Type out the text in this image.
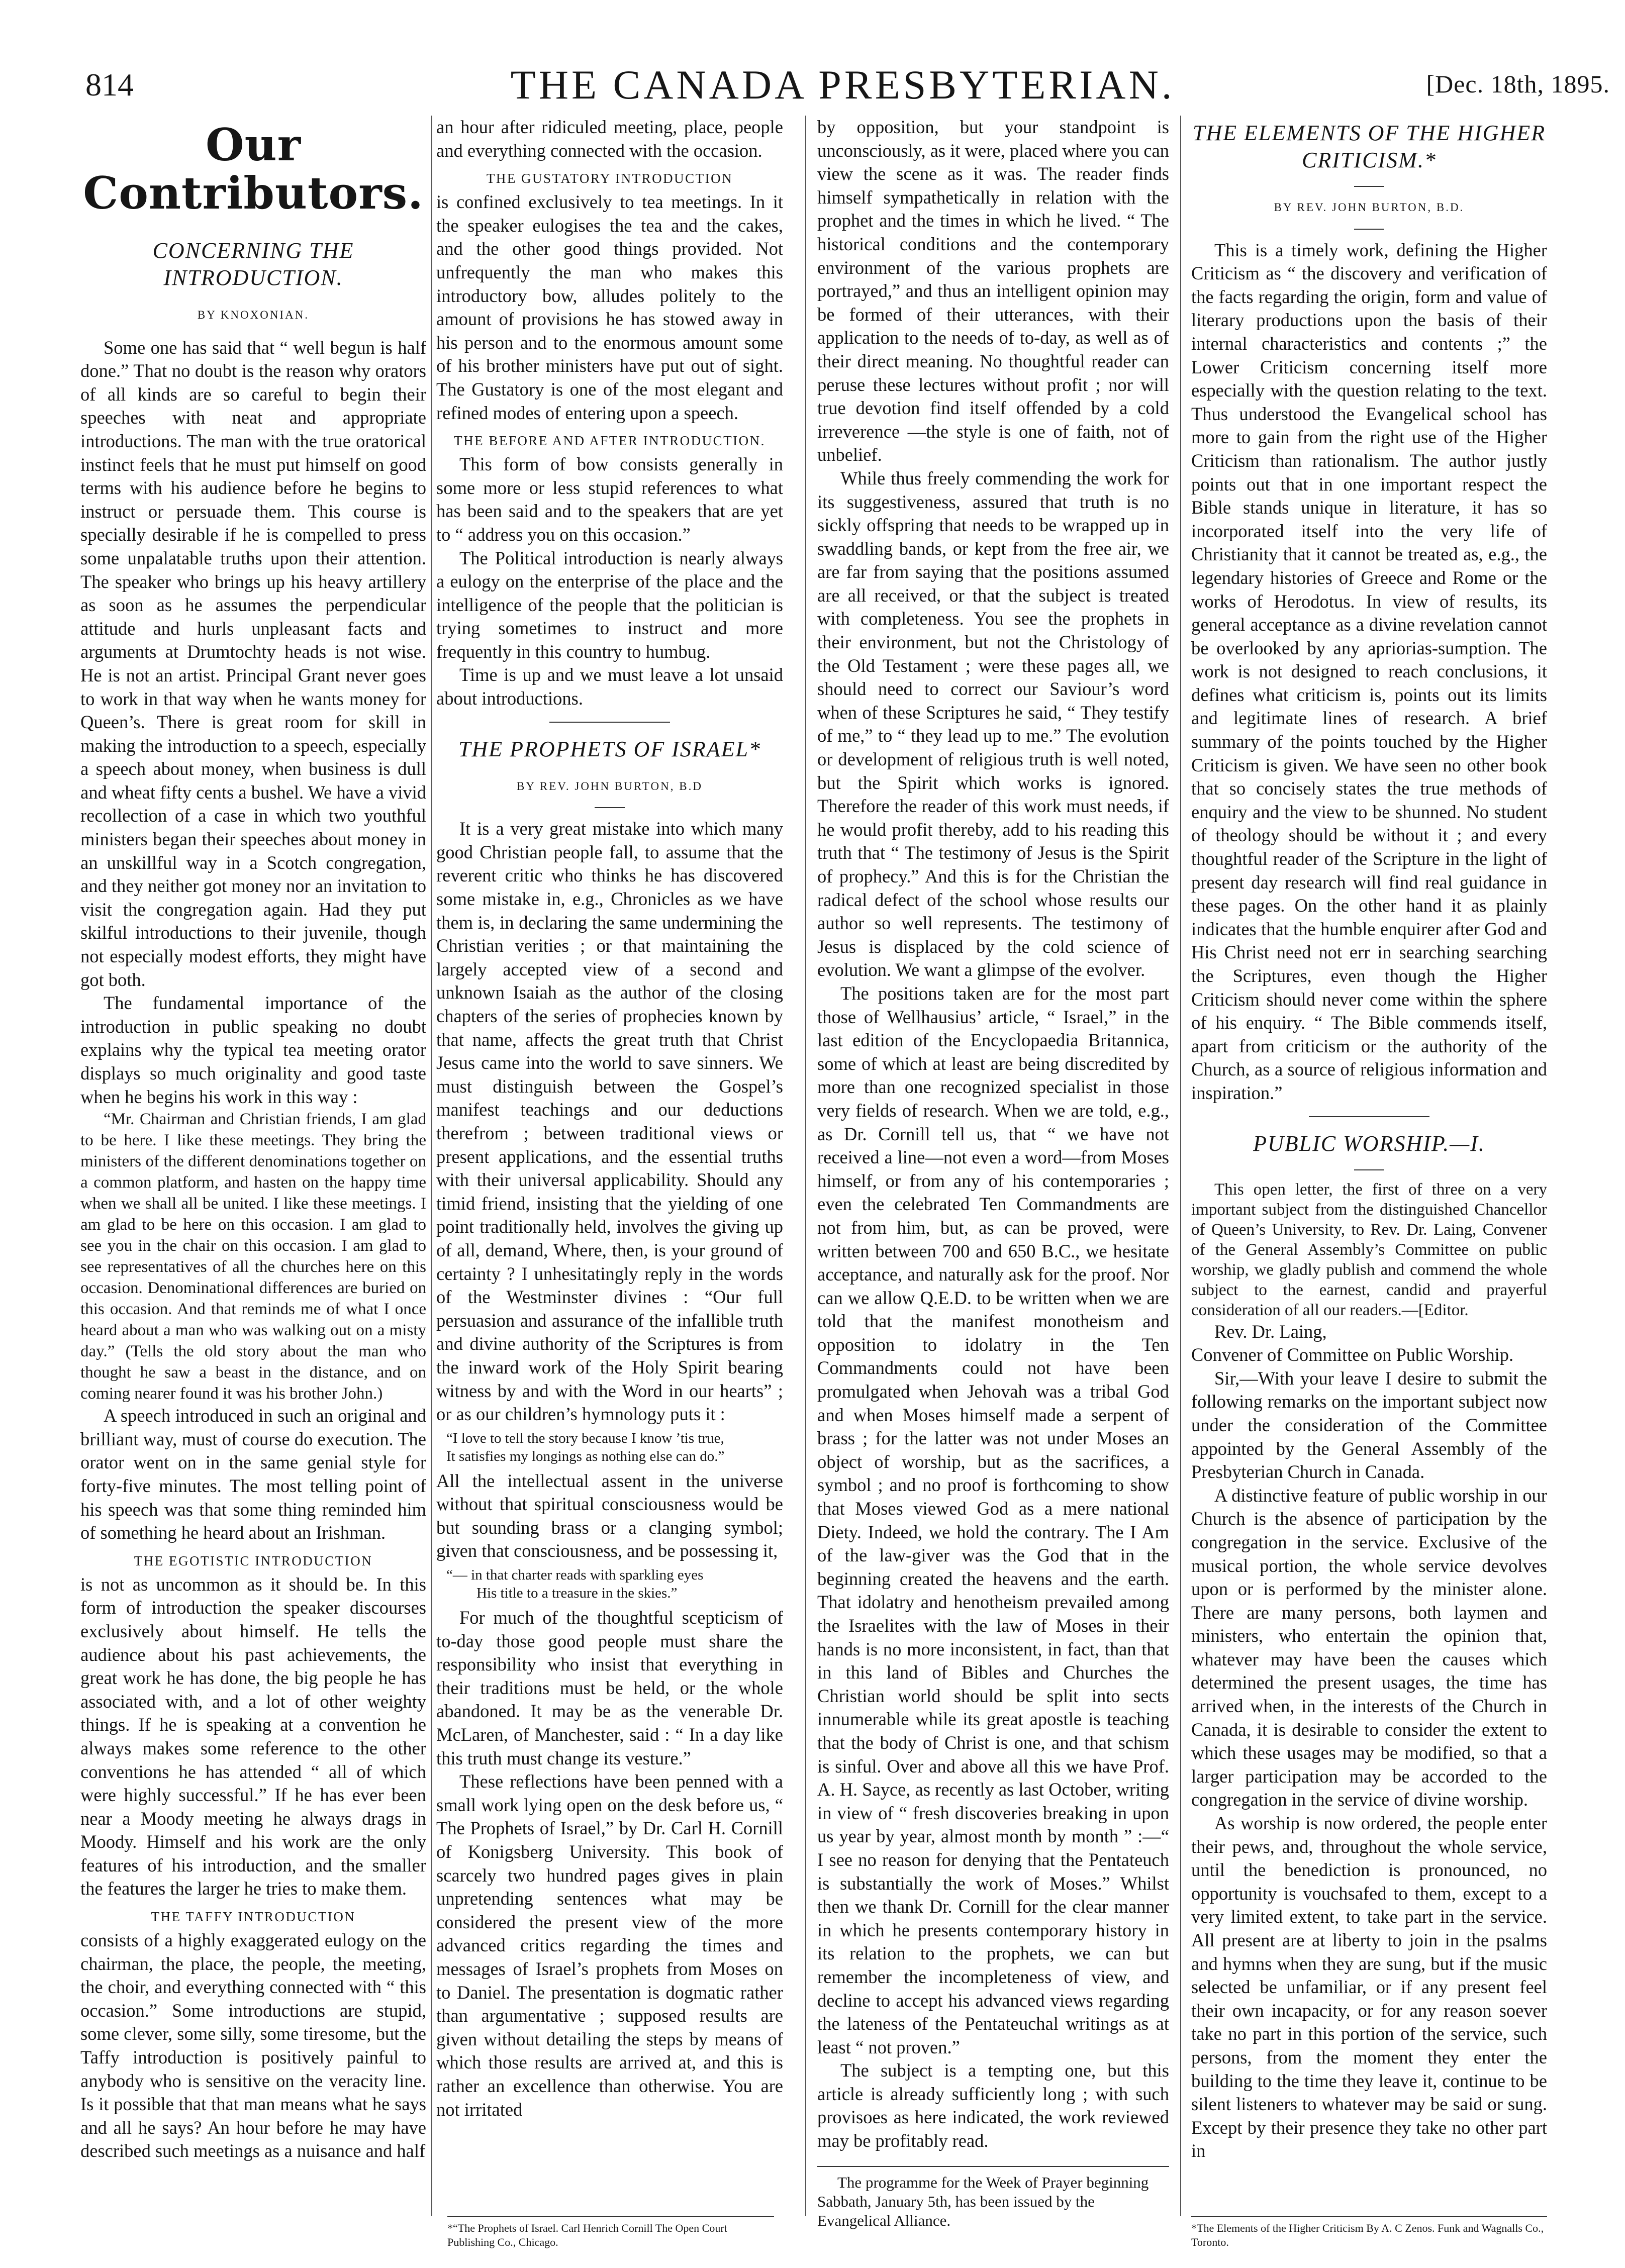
814	THE CANADA PRESBYTERIAN.	[Dec. 18th, 1895.
Our Contributors.
CONCERNING THE INTRODUCTION.
BY KNOXONIAN.

Some one has said that “ well begun is half done.” That no doubt is the reason why orators of all kinds are so careful to begin their speeches with neat and appropriate introductions. The man with the true oratorical instinct feels that he must put himself on good terms with his audience before he begins to instruct or persuade them. This course is specially desirable if he is compelled to press some unpalatable truths upon their attention. The speaker who brings up his heavy artillery as soon as he assumes the perpendicular attitude and hurls unpleasant facts and arguments at Drumtochty heads is not wise. He is not an artist. Principal Grant never goes to work in that way when he wants money for Queen’s. There is great room for skill in making the introduction to a speech, especially a speech about money, when business is dull and wheat fifty cents a bushel. We have a vivid recollection of a case in which two youthful ministers began their speeches about money in an unskillful way in a Scotch congregation, and they neither got money nor an invitation to visit the congregation again. Had they put skilful introductions to their juvenile, though not especially modest efforts, they might have got both.

The fundamental importance of the introduction in public speaking no doubt explains why the typical tea meeting orator displays so much originality and good taste when he begins his work in this way :

“Mr. Chairman and Christian friends, I am glad to be here. I like these meetings. They bring the ministers of the different denominations together on a common platform, and hasten on the happy time when we shall all be united. I like these meetings. I am glad to be here on this occasion. I am glad to see you in the chair on this occasion. I am glad to see representatives of all the churches here on this occasion. Denominational differences are buried on this occasion. And that reminds me of what I once heard about a man who was walking out on a misty day.” (Tells the old story about the man who thought he saw a beast in the distance, and on coming nearer found it was his brother John.)

A speech introduced in such an original and brilliant way, must of course do execution. The orator went on in the same genial style for forty-five minutes. The most telling point of his speech was that some thing reminded him of something he heard about an Irishman.

THE EGOTISTIC INTRODUCTION

is not as uncommon as it should be. In this form of introduction the speaker discourses exclusively about himself. He tells the audience about his past achievements, the great work he has done, the big people he has associated with, and a lot of other weighty things. If he is speaking at a convention he always makes some reference to the other conventions he has attended “ all of which were highly successful.” If he has ever been near a Moody meeting he always drags in Moody. Himself and his work are the only features of his introduction, and the smaller the features the larger he tries to make them.

THE TAFFY INTRODUCTION

consists of a highly exaggerated eulogy on the chairman, the place, the people, the meeting, the choir, and everything connected with “ this occasion.” Some introductions are stupid, some clever, some silly, some tiresome, but the Taffy introduction is positively painful to anybody who is sensitive on the veracity line. Is it possible that that man means what he says and all he says? An hour before he may have described such meetings as a nuisance and half

an hour after ridiculed meeting, place, people and everything connected with the occasion.

THE GUSTATORY INTRODUCTION

is confined exclusively to tea meetings. In it the speaker eulogises the tea and the cakes, and the other good things provided. Not unfrequently the man who makes this introductory bow, alludes politely to the amount of provisions he has stowed away in his person and to the enormous amount some of his brother ministers have put out of sight. The Gustatory is one of the most elegant and refined modes of entering upon a speech.

THE BEFORE AND AFTER INTRODUCTION.

This form of bow consists generally in some more or less stupid references to what has been said and to the speakers that are yet to “ address you on this occasion.”

The Political introduction is nearly always a eulogy on the enterprise of the place and the intelligence of the people that the politician is trying sometimes to instruct and more frequently in this country to humbug.

Time is up and we must leave a lot unsaid about introductions.

THE PROPHETS OF ISRAEL*
BY REV. JOHN BURTON, B.D

It is a very great mistake into which many good Christian people fall, to assume that the reverent critic who thinks he has discovered some mistake in, e.g., Chronicles as we have them is, in declaring the same undermining the Christian verities ; or that maintaining the largely accepted view of a second and unknown Isaiah as the author of the closing chapters of the series of prophecies known by that name, affects the great truth that Christ Jesus came into the world to save sinners. We must distinguish between the Gospel’s manifest teachings and our deductions therefrom ; between traditional views or present applications, and the essential truths with their universal applicability. Should any timid friend, insisting that the yielding of one point traditionally held, involves the giving up of all, demand, Where, then, is your ground of certainty ? I unhesitatingly reply in the words of the Westminster divines : “Our full persuasion and assurance of the infallible truth and divine authority of the Scriptures is from the inward work of the Holy Spirit bearing witness by and with the Word in our hearts” ; or as our children’s hymnology puts it :

“I love to tell the story because I know ’tis true,
It satisfies my longings as nothing else can do.”

All the intellectual assent in the universe without that spiritual consciousness would be but sounding brass or a clanging symbol; given that consciousness, and be possessing it,

“— in that charter reads with sparkling eyes
His title to a treasure in the skies.”

For much of the thoughtful scepticism of to-day those good people must share the responsibility who insist that everything in their traditions must be held, or the whole abandoned. It may be as the venerable Dr. McLaren, of Manchester, said : “ In a day like this truth must change its vesture.”

These reflections have been penned with a small work lying open on the desk before us, “ The Prophets of Israel,” by Dr. Carl H. Cornill of Konigsberg University. This book of scarcely two hundred pages gives in plain unpretending sentences what may be considered the present view of the more advanced critics regarding the times and messages of Israel’s prophets from Moses on to Daniel. The presentation is dogmatic rather than argumentative ; supposed results are given without detailing the steps by means of which those results are arrived at, and this is rather an excellence than otherwise. You are not irritated

*“The Prophets of Israel. Carl Henrich Cornill The Open Court Publishing Co., Chicago.

by opposition, but your standpoint is unconsciously, as it were, placed where you can view the scene as it was. The reader finds himself sympathetically in relation with the prophet and the times in which he lived. “ The historical conditions and the contemporary environment of the various prophets are portrayed,” and thus an intelligent opinion may be formed of their utterances, with their application to the needs of to-day, as well as of their direct meaning. No thoughtful reader can peruse these lectures without profit ; nor will true devotion find itself offended by a cold irreverence —the style is one of faith, not of unbelief.

While thus freely commending the work for its suggestiveness, assured that truth is no sickly offspring that needs to be wrapped up in swaddling bands, or kept from the free air, we are far from saying that the positions assumed are all received, or that the subject is treated with completeness. You see the prophets in their environment, but not the Christology of the Old Testament ; were these pages all, we should need to correct our Saviour’s word when of these Scriptures he said, “ They testify of me,” to “ they lead up to me.” The evolution or development of religious truth is well noted, but the Spirit which works is ignored. Therefore the reader of this work must needs, if he would profit thereby, add to his reading this truth that “ The testimony of Jesus is the Spirit of prophecy.” And this is for the Christian the radical defect of the school whose results our author so well represents. The testimony of Jesus is displaced by the cold science of evolution. We want a glimpse of the evolver.

The positions taken are for the most part those of Wellhausius’ article, “ Israel,” in the last edition of the Encyclopaedia Britannica, some of which at least are being discredited by more than one recognized specialist in those very fields of research. When we are told, e.g., as Dr. Cornill tell us, that “ we have not received a line—not even a word—from Moses himself, or from any of his contemporaries ; even the celebrated Ten Commandments are not from him, but, as can be proved, were written between 700 and 650 B.C., we hesitate acceptance, and naturally ask for the proof. Nor can we allow Q.E.D. to be written when we are told that the manifest monotheism and opposition to idolatry in the Ten Commandments could not have been promulgated when Jehovah was a tribal God and when Moses himself made a serpent of brass ; for the latter was not under Moses an object of worship, but as the sacrifices, a symbol ; and no proof is forthcoming to show that Moses viewed God as a mere national Diety. Indeed, we hold the contrary. The I Am of the law-giver was the God that in the beginning created the heavens and the earth. That idolatry and henotheism prevailed among the Israelites with the law of Moses in their hands is no more inconsistent, in fact, than that in this land of Bibles and Churches the Christian world should be split into sects innumerable while its great apostle is teaching that the body of Christ is one, and that schism is sinful. Over and above all this we have Prof. A. H. Sayce, as recently as last October, writing in view of “ fresh discoveries breaking in upon us year by year, almost month by month ” :—“ I see no reason for denying that the Pentateuch is substantially the work of Moses.” Whilst then we thank Dr. Cornill for the clear manner in which he presents contemporary history in its relation to the prophets, we can but remember the incompleteness of view, and decline to accept his advanced views regarding the lateness of the Pentateuchal writings as at least “ not proven.”

The subject is a tempting one, but this article is already sufficiently long ; with such provisoes as here indicated, the work reviewed may be profitably read.

The programme for the Week of Prayer beginning Sabbath, January 5th, has been issued by the Evangelical Alliance.
THE ELEMENTS OF THE HIGHER CRITICISM.*
BY REV. JOHN BURTON, B.D.

This is a timely work, defining the Higher Criticism as “ the discovery and verification of the facts regarding the origin, form and value of literary productions upon the basis of their internal characteristics and contents ;” the Lower Criticism concerning itself more especially with the question relating to the text. Thus understood the Evangelical school has more to gain from the right use of the Higher Criticism than rationalism. The author justly points out that in one important respect the Bible stands unique in literature, it has so incorporated itself into the very life of Christianity that it cannot be treated as, e.g., the legendary histories of Greece and Rome or the works of Herodotus. In view of results, its general acceptance as a divine revelation cannot be overlooked by any apriorias-sumption. The work is not designed to reach conclusions, it defines what criticism is, points out its limits and legitimate lines of research. A brief summary of the points touched by the Higher Criticism is given. We have seen no other book that so concisely states the true methods of enquiry and the view to be shunned. No student of theology should be without it ; and every thoughtful reader of the Scripture in the light of present day research will find real guidance in these pages. On the other hand it as plainly indicates that the humble enquirer after God and His Christ need not err in searching searching the Scriptures, even though the Higher Criticism should never come within the sphere of his enquiry. “ The Bible commends itself, apart from criticism or the authority of the Church, as a source of religious information and inspiration.”

PUBLIC WORSHIP.—I.

This open letter, the first of three on a very important subject from the distinguished Chancellor of Queen’s University, to Rev. Dr. Laing, Convener of the General Assembly’s Committee on public worship, we gladly publish and commend the whole subject to the earnest, candid and prayerful consideration of all our readers.—[Editor.

Rev. Dr. Laing,

Convener of Committee on Public Worship.

Sir,—With your leave I desire to submit the following remarks on the important subject now under the consideration of the Committee appointed by the General Assembly of the Presbyterian Church in Canada.

A distinctive feature of public worship in our Church is the absence of participation by the congregation in the service. Exclusive of the musical portion, the whole service devolves upon or is performed by the minister alone. There are many persons, both laymen and ministers, who entertain the opinion that, whatever may have been the causes which determined the present usages, the time has arrived when, in the interests of the Church in Canada, it is desirable to consider the extent to which these usages may be modified, so that a larger participation may be accorded to the congregation in the service of divine worship.

As worship is now ordered, the people enter their pews, and, throughout the whole service, until the benediction is pronounced, no opportunity is vouchsafed to them, except to a very limited extent, to take part in the service. All present are at liberty to join in the psalms and hymns when they are sung, but if the music selected be unfamiliar, or if any present feel their own incapacity, or for any reason soever take no part in this portion of the service, such persons, from the moment they enter the building to the time they leave it, continue to be silent listeners to whatever may be said or sung. Except by their presence they take no other part in

*The Elements of the Higher Criticism By A. C Zenos. Funk and Wagnalls Co., Toronto.
